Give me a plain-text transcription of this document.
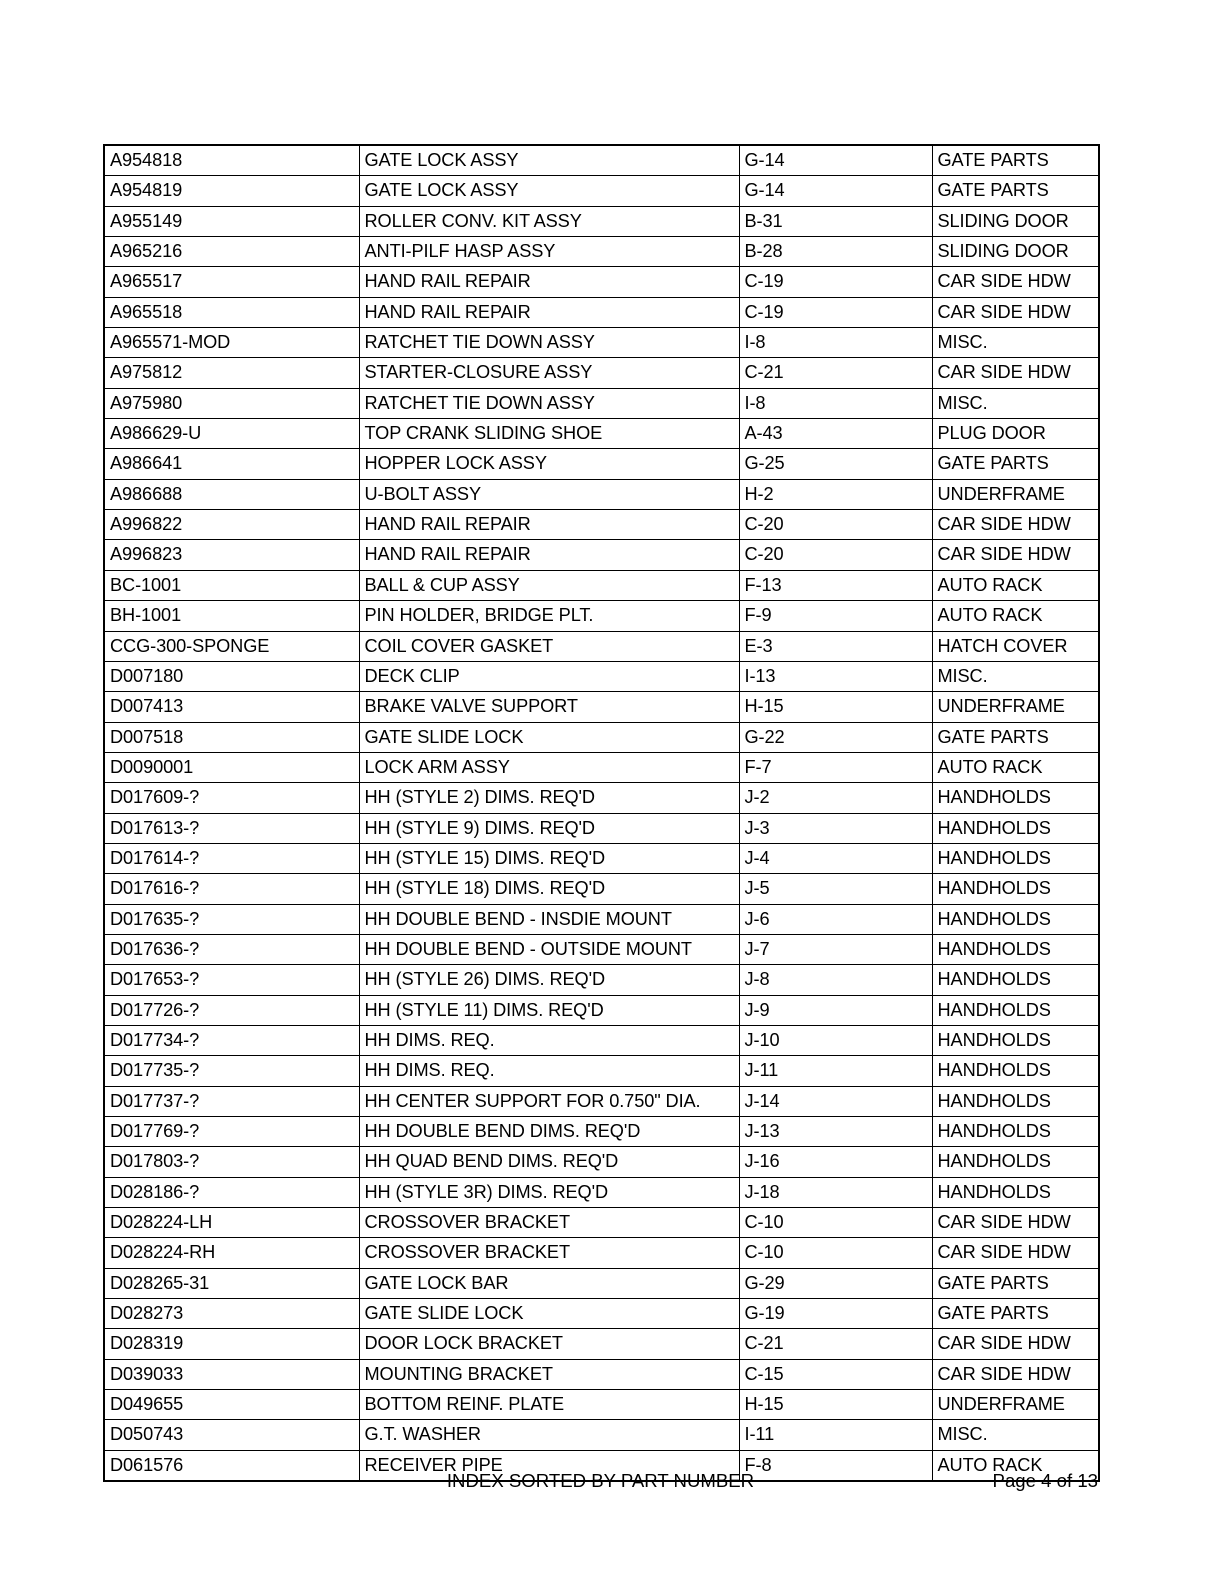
A954818	GATE LOCK ASSY	G-14	GATE PARTS
A954819	GATE LOCK ASSY	G-14	GATE PARTS
A955149	ROLLER CONV. KIT ASSY	B-31	SLIDING DOOR
A965216	ANTI-PILF HASP ASSY	B-28	SLIDING DOOR
A965517	HAND RAIL REPAIR	C-19	CAR SIDE HDW
A965518	HAND RAIL REPAIR	C-19	CAR SIDE HDW
A965571-MOD	RATCHET TIE DOWN ASSY	I-8	MISC.
A975812	STARTER-CLOSURE ASSY	C-21	CAR SIDE HDW
A975980	RATCHET TIE DOWN ASSY	I-8	MISC.
A986629-U	TOP CRANK SLIDING SHOE	A-43	PLUG DOOR
A986641	HOPPER LOCK ASSY	G-25	GATE PARTS
A986688	U-BOLT ASSY	H-2	UNDERFRAME
A996822	HAND RAIL REPAIR	C-20	CAR SIDE HDW
A996823	HAND RAIL REPAIR	C-20	CAR SIDE HDW
BC-1001	BALL & CUP ASSY	F-13	AUTO RACK
BH-1001	PIN HOLDER, BRIDGE PLT.	F-9	AUTO RACK
CCG-300-SPONGE	COIL COVER GASKET	E-3	HATCH COVER
D007180	DECK CLIP	I-13	MISC.
D007413	BRAKE VALVE SUPPORT	H-15	UNDERFRAME
D007518	GATE SLIDE LOCK	G-22	GATE PARTS
D0090001	LOCK ARM ASSY	F-7	AUTO RACK
D017609-?	HH (STYLE 2) DIMS. REQ'D	J-2	HANDHOLDS
D017613-?	HH (STYLE 9) DIMS. REQ'D	J-3	HANDHOLDS
D017614-?	HH (STYLE 15) DIMS. REQ'D	J-4	HANDHOLDS
D017616-?	HH (STYLE 18) DIMS. REQ'D	J-5	HANDHOLDS
D017635-?	HH DOUBLE BEND - INSDIE MOUNT	J-6	HANDHOLDS
D017636-?	HH DOUBLE BEND - OUTSIDE MOUNT	J-7	HANDHOLDS
D017653-?	HH (STYLE 26) DIMS. REQ'D	J-8	HANDHOLDS
D017726-?	HH (STYLE 11) DIMS. REQ'D	J-9	HANDHOLDS
D017734-?	HH DIMS. REQ.	J-10	HANDHOLDS
D017735-?	HH DIMS. REQ.	J-11	HANDHOLDS
D017737-?	HH CENTER SUPPORT FOR 0.750" DIA.	J-14	HANDHOLDS
D017769-?	HH DOUBLE BEND DIMS. REQ'D	J-13	HANDHOLDS
D017803-?	HH QUAD BEND DIMS. REQ'D	J-16	HANDHOLDS
D028186-?	HH (STYLE 3R) DIMS. REQ'D	J-18	HANDHOLDS
D028224-LH	CROSSOVER BRACKET	C-10	CAR SIDE HDW
D028224-RH	CROSSOVER BRACKET	C-10	CAR SIDE HDW
D028265-31	GATE LOCK BAR	G-29	GATE PARTS
D028273	GATE SLIDE LOCK	G-19	GATE PARTS
D028319	DOOR LOCK BRACKET	C-21	CAR SIDE HDW
D039033	MOUNTING BRACKET	C-15	CAR SIDE HDW
D049655	BOTTOM REINF. PLATE	H-15	UNDERFRAME
D050743	G.T. WASHER	I-11	MISC.
D061576	RECEIVER PIPE	F-8	AUTO RACK
INDEX SORTED BY PART NUMBER	Page 4 of 13
